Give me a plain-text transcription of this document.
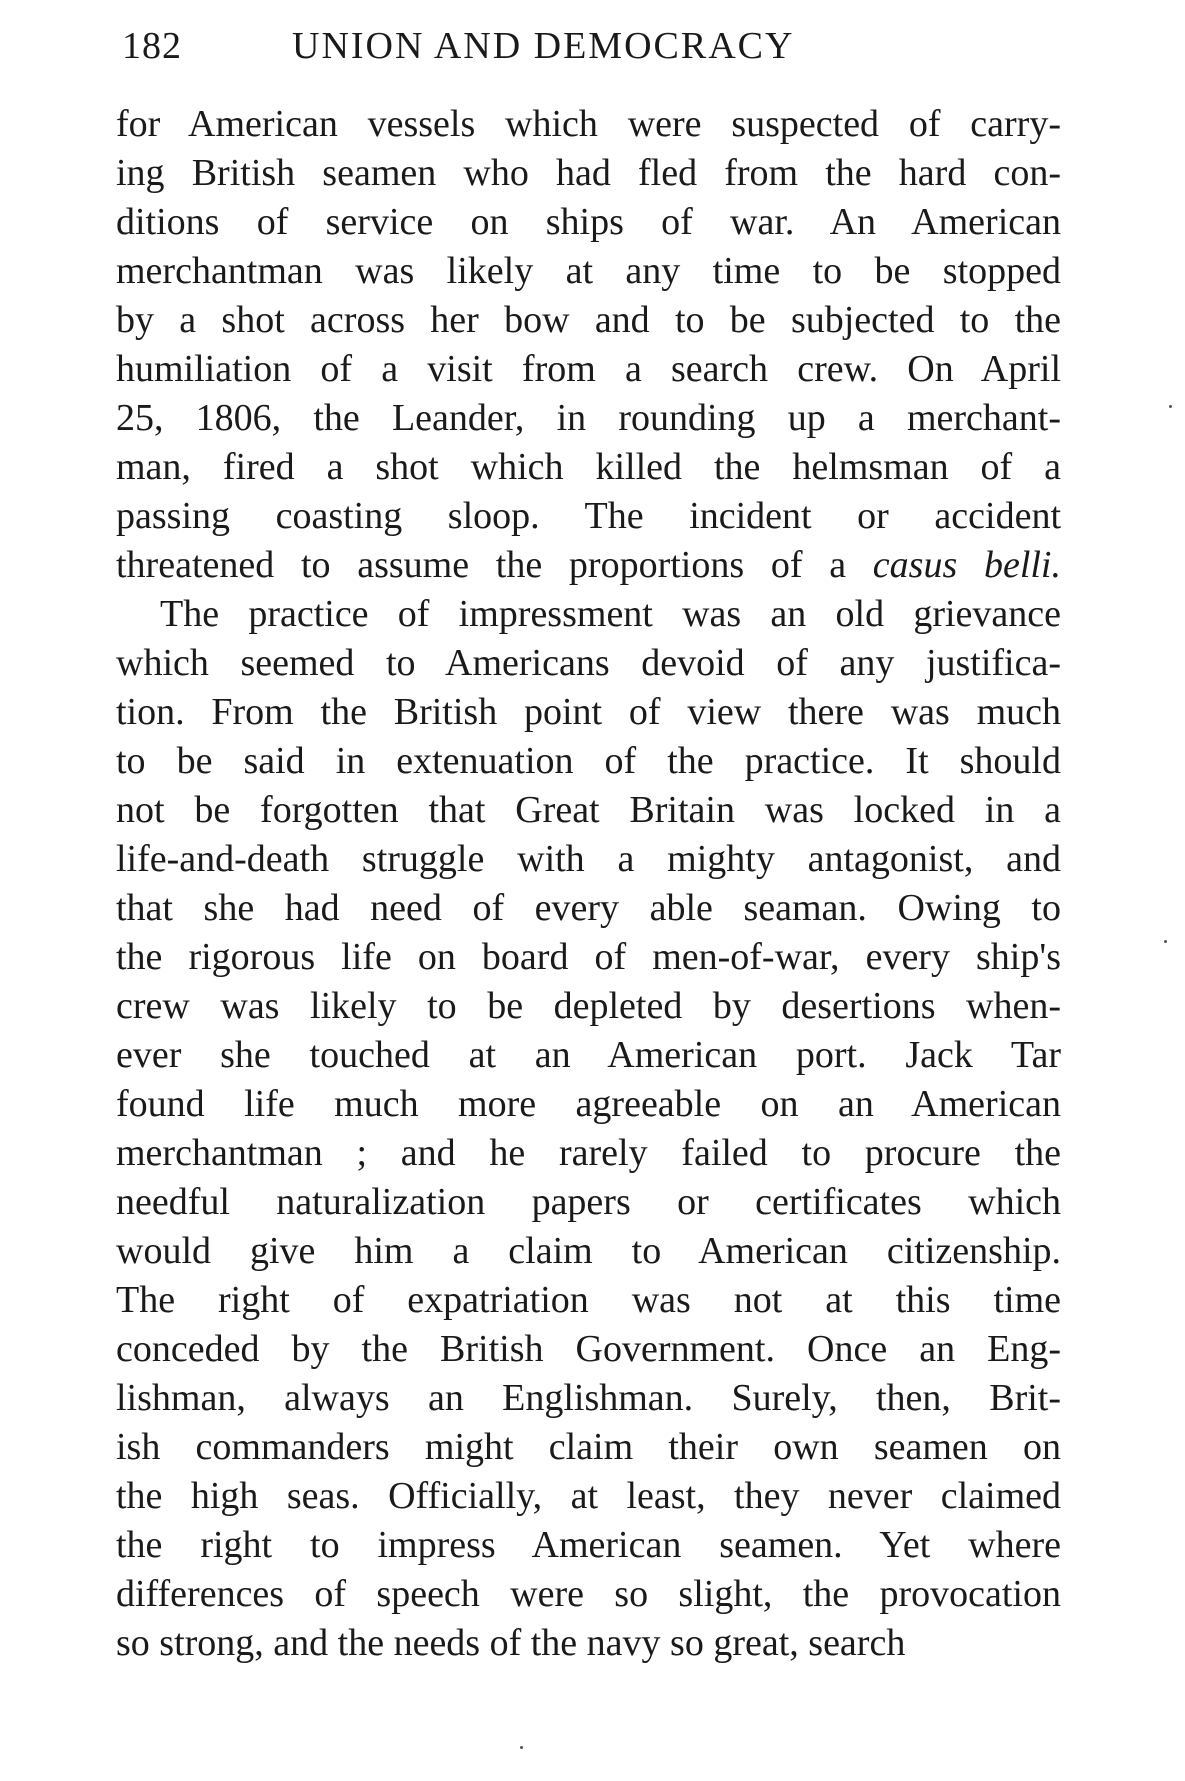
182	UNION AND DEMOCRACY
for American vessels which were suspected of carry-
ing British seamen who had fled from the hard con-
ditions of service on ships of war. An American
merchantman was likely at any time to be stopped
by a shot across her bow and to be subjected to the
humiliation of a visit from a search crew. On April
25, 1806, the Leander, in rounding up a merchant-
man, fired a shot which killed the helmsman of a
passing coasting sloop. The incident or accident
threatened to assume the proportions of a casus belli.
The practice of impressment was an old grievance
which seemed to Americans devoid of any justifica-
tion. From the British point of view there was much
to be said in extenuation of the practice. It should
not be forgotten that Great Britain was locked in a
life-and-death struggle with a mighty antagonist, and
that she had need of every able seaman. Owing to
the rigorous life on board of men-of-war, every ship's
crew was likely to be depleted by desertions when-
ever she touched at an American port. Jack Tar
found life much more agreeable on an American
merchantman ; and he rarely failed to procure the
needful naturalization papers or certificates which
would give him a claim to American citizenship.
The right of expatriation was not at this time
conceded by the British Government. Once an Eng-
lishman, always an Englishman. Surely, then, Brit-
ish commanders might claim their own seamen on
the high seas. Officially, at least, they never claimed
the right to impress American seamen. Yet where
differences of speech were so slight, the provocation
so strong, and the needs of the navy so great, search
